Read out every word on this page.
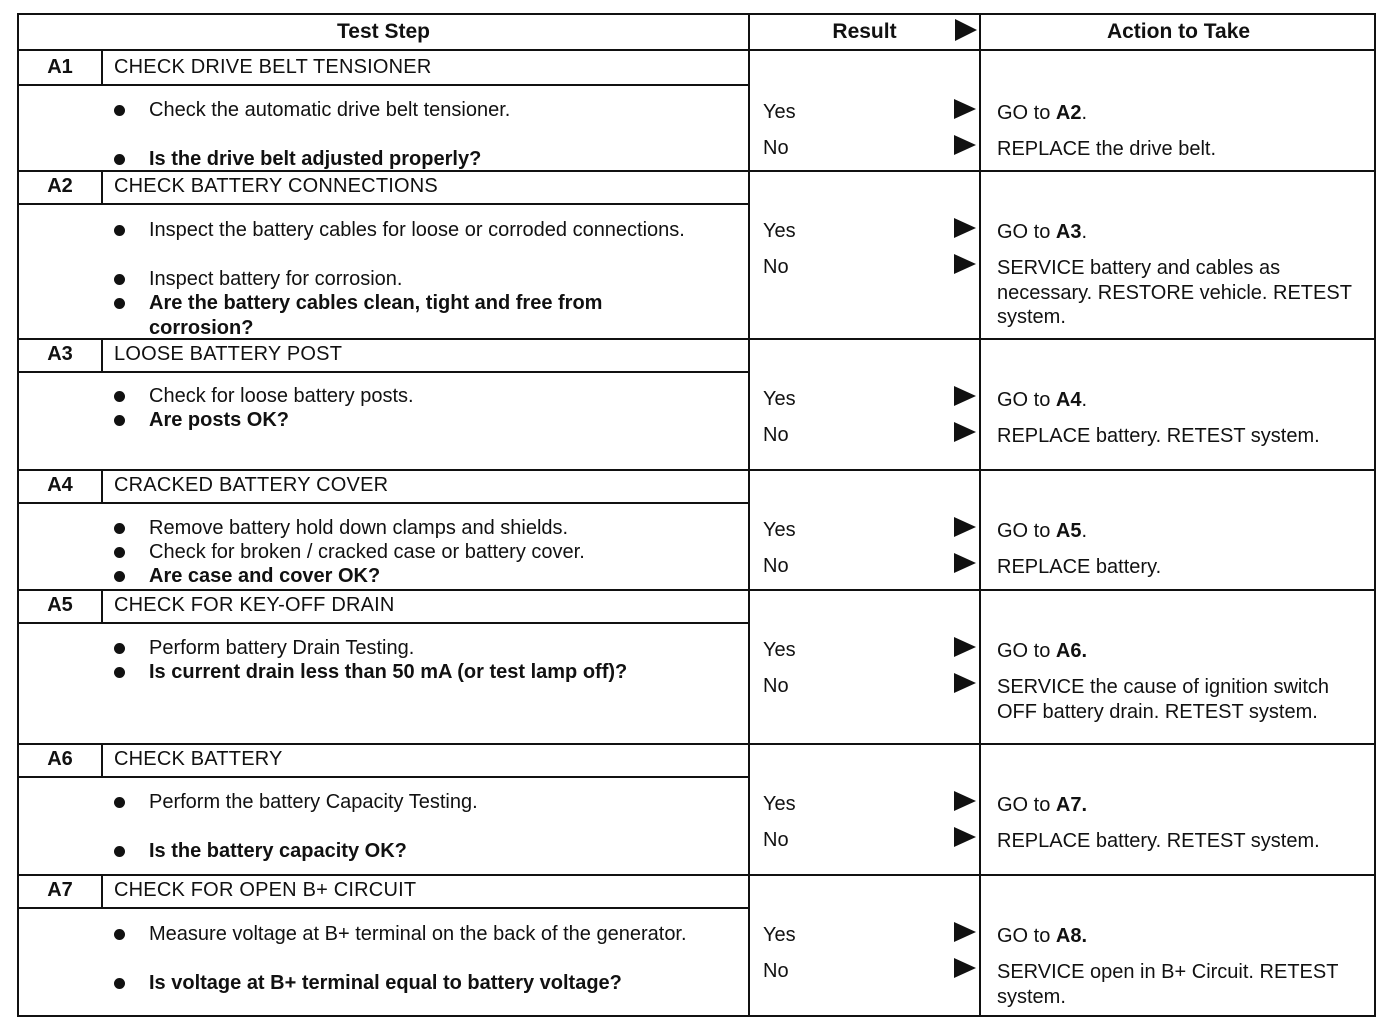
Test Step	Result	Action to Take
A1	CHECK DRIVE BELT TENSIONER
Check the automatic drive belt tensioner.
Is the drive belt adjusted properly?
Yes	GO to A2.
No	REPLACE the drive belt.
A2	CHECK BATTERY CONNECTIONS
Inspect the battery cables for loose or corroded connections.
Inspect battery for corrosion.
Are the battery cables clean, tight and free from corrosion?
Yes	GO to A3.
No	SERVICE battery and cables as necessary. RESTORE vehicle. RETEST system.
A3	LOOSE BATTERY POST
Check for loose battery posts.
Are posts OK?
Yes	GO to A4.
No	REPLACE battery. RETEST system.
A4	CRACKED BATTERY COVER
Remove battery hold down clamps and shields.
Check for broken / cracked case or battery cover.
Are case and cover OK?
Yes	GO to A5.
No	REPLACE battery.
A5	CHECK FOR KEY-OFF DRAIN
Perform battery Drain Testing.
Is current drain less than 50 mA (or test lamp off)?
Yes	GO to A6.
No	SERVICE the cause of ignition switch OFF battery drain. RETEST system.
A6	CHECK BATTERY
Perform the battery Capacity Testing.
Is the battery capacity OK?
Yes	GO to A7.
No	REPLACE battery. RETEST system.
A7	CHECK FOR OPEN B+ CIRCUIT
Measure voltage at B+ terminal on the back of the generator.
Is voltage at B+ terminal equal to battery voltage?
Yes	GO to A8.
No	SERVICE open in B+ Circuit. RETEST system.
